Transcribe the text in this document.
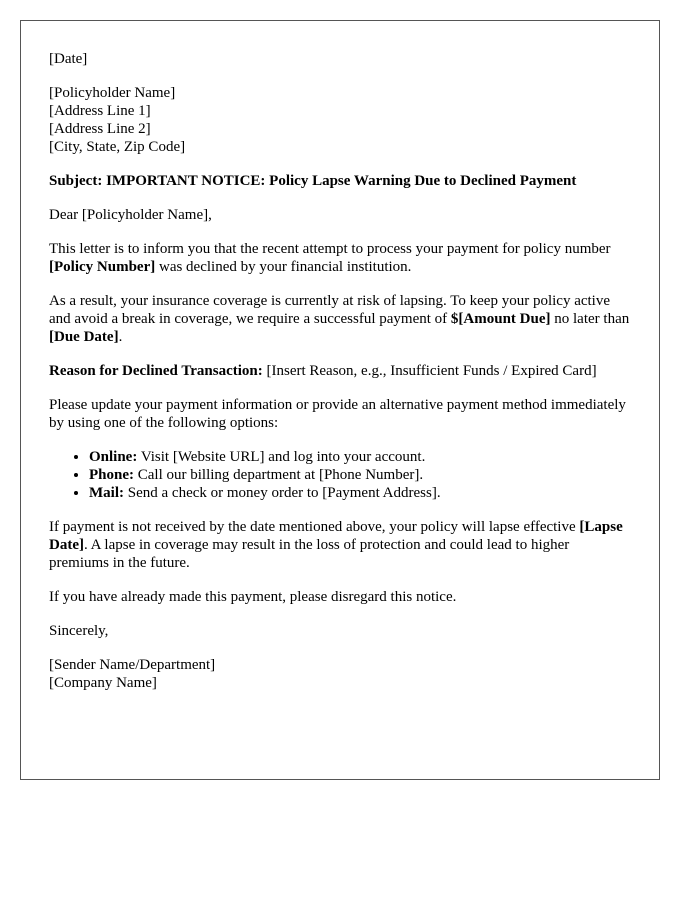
[Date]

[Policyholder Name]
[Address Line 1]
[Address Line 2]
[City, State, Zip Code]

Subject: IMPORTANT NOTICE: Policy Lapse Warning Due to Declined Payment

Dear [Policyholder Name],

This letter is to inform you that the recent attempt to process your payment for policy number [Policy Number] was declined by your financial institution.

As a result, your insurance coverage is currently at risk of lapsing. To keep your policy active and avoid a break in coverage, we require a successful payment of $[Amount Due] no later than [Due Date].

Reason for Declined Transaction: [Insert Reason, e.g., Insufficient Funds / Expired Card]

Please update your payment information or provide an alternative payment method immediately by using one of the following options:

• Online: Visit [Website URL] and log into your account.
• Phone: Call our billing department at [Phone Number].
• Mail: Send a check or money order to [Payment Address].

If payment is not received by the date mentioned above, your policy will lapse effective [Lapse Date]. A lapse in coverage may result in the loss of protection and could lead to higher premiums in the future.

If you have already made this payment, please disregard this notice.

Sincerely,

[Sender Name/Department]
[Company Name]
